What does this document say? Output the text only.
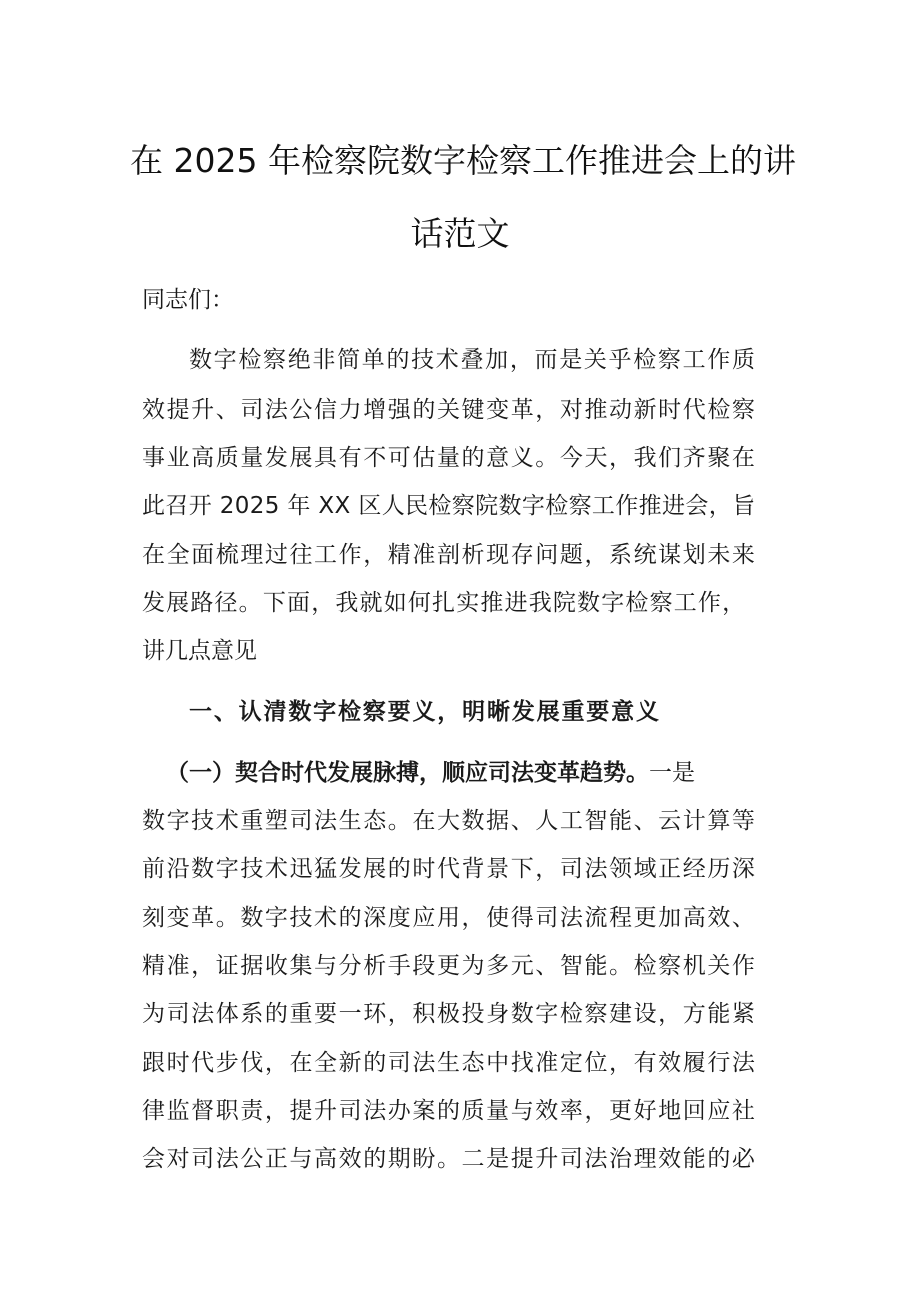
在 2025 年检察院数字检察工作推进会上的讲
话范文
同志们：
数字检察绝非简单的技术叠加，而是关乎检察工作质
效提升、司法公信力增强的关键变革，对推动新时代检察
事业高质量发展具有不可估量的意义。今天，我们齐聚在
此召开 2025 年 XX 区人民检察院数字检察工作推进会，旨
在全面梳理过往工作，精准剖析现存问题，系统谋划未来
发展路径。下面，我就如何扎实推进我院数字检察工作，
讲几点意见
一、认清数字检察要义，明晰发展重要意义
（一）契合时代发展脉搏，顺应司法变革趋势。一是
数字技术重塑司法生态。在大数据、人工智能、云计算等
前沿数字技术迅猛发展的时代背景下，司法领域正经历深
刻变革。数字技术的深度应用，使得司法流程更加高效、
精准，证据收集与分析手段更为多元、智能。检察机关作
为司法体系的重要一环，积极投身数字检察建设，方能紧
跟时代步伐，在全新的司法生态中找准定位，有效履行法
律监督职责，提升司法办案的质量与效率，更好地回应社
会对司法公正与高效的期盼。二是提升司法治理效能的必
